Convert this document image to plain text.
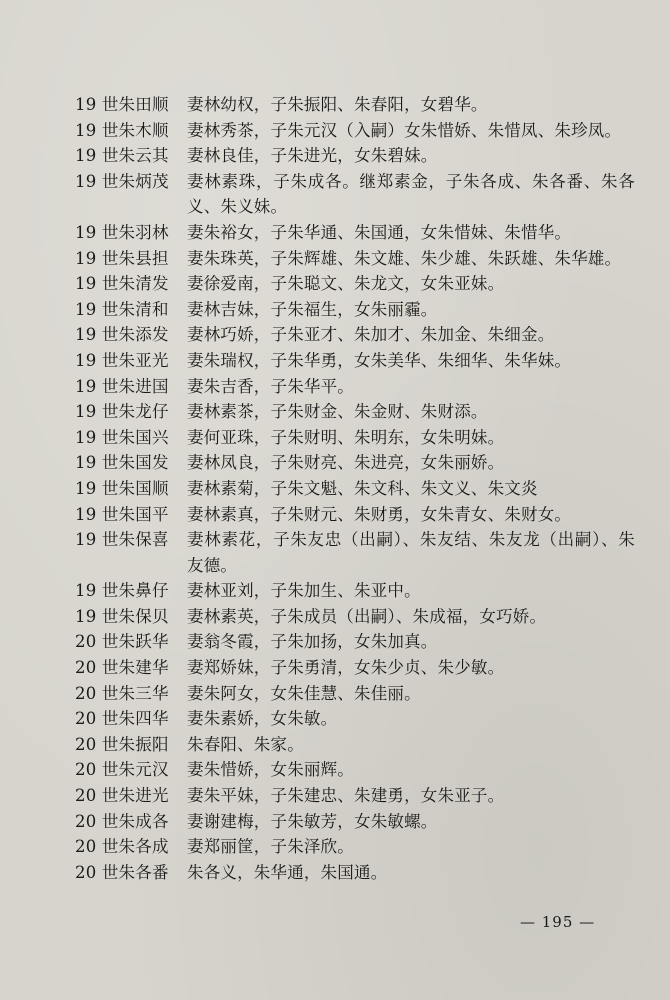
19 世朱田顺	妻林幼权，子朱振阳、朱春阳，女碧华。
19 世朱木顺	妻林秀茶，子朱元汉（入嗣）女朱惜娇、朱惜凤、朱珍凤。
19 世朱云其	妻林良佳，子朱进光，女朱碧妹。
19 世朱炳茂	妻林素珠，子朱成各。继郑素金，子朱各成、朱各番、朱各义、朱义妹。
19 世朱羽林	妻朱裕女，子朱华通、朱国通，女朱惜妹、朱惜华。
19 世朱县担	妻朱珠英，子朱辉雄、朱文雄、朱少雄、朱跃雄、朱华雄。
19 世朱清发	妻徐爱南，子朱聪文、朱龙文，女朱亚妹。
19 世朱清和	妻林吉妹，子朱福生，女朱丽霾。
19 世朱添发	妻林巧娇，子朱亚才、朱加才、朱加金、朱细金。
19 世朱亚光	妻朱瑞权，子朱华勇，女朱美华、朱细华、朱华妹。
19 世朱进国	妻朱吉香，子朱华平。
19 世朱龙仔	妻林素茶，子朱财金、朱金财、朱财添。
19 世朱国兴	妻何亚珠，子朱财明、朱明东，女朱明妹。
19 世朱国发	妻林凤良，子朱财亮、朱进亮，女朱丽娇。
19 世朱国顺	妻林素菊，子朱文魁、朱文科、朱文义、朱文炎
19 世朱国平	妻林素真，子朱财元、朱财勇，女朱青女、朱财女。
19 世朱保喜	妻林素花，子朱友忠（出嗣）、朱友结、朱友龙（出嗣）、朱友德。
19 世朱鼻仔	妻林亚刘，子朱加生、朱亚中。
19 世朱保贝	妻林素英，子朱成员（出嗣）、朱成福，女巧娇。
20 世朱跃华	妻翁冬霞，子朱加扬，女朱加真。
20 世朱建华	妻郑娇妹，子朱勇清，女朱少贞、朱少敏。
20 世朱三华	妻朱阿女，女朱佳慧、朱佳丽。
20 世朱四华	妻朱素娇，女朱敏。
20 世朱振阳	朱春阳、朱家。
20 世朱元汉	妻朱惜娇，女朱丽辉。
20 世朱进光	妻朱平妹，子朱建忠、朱建勇，女朱亚子。
20 世朱成各	妻谢建梅，子朱敏芳，女朱敏螺。
20 世朱各成	妻郑丽筐，子朱泽欣。
20 世朱各番	朱各义，朱华通，朱国通。
— 195 —
